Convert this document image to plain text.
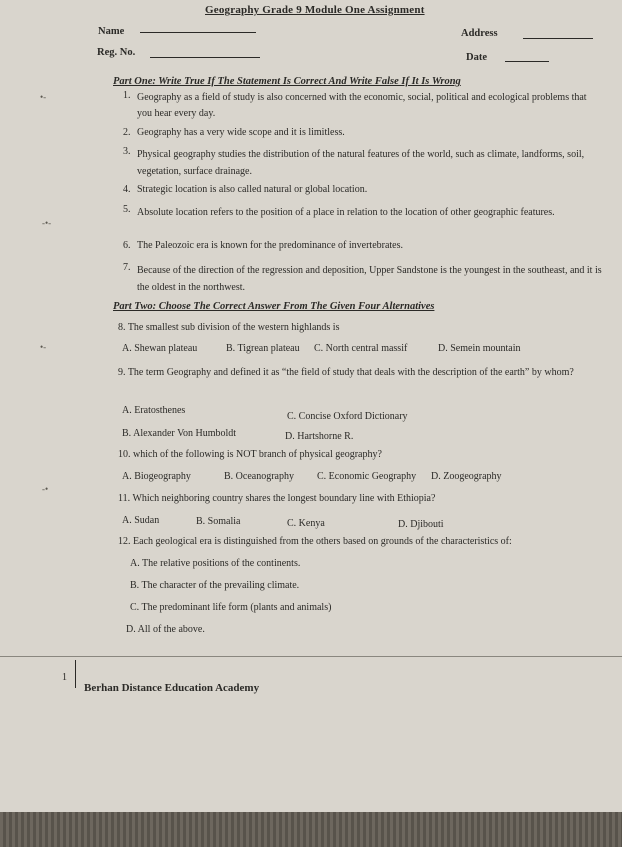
Geography Grade 9 Module One Assignment
Name	Address
Reg. No.	Date
Part One: Write True If The Statement Is Correct And Write False If It Is Wrong
•-
-•-
•-
-•
1. Geography as a field of study is also concerned with the economic, social, political and ecological problems that you hear every day.
2. Geography has a very wide scope and it is limitless.
3. Physical geography studies the distribution of the natural features of the world, such as climate, landforms, soil, vegetation, surface drainage.
4. Strategic location is also called natural or global location.
5. Absolute location refers to the position of a place in relation to the location of other geographic features.
6. The Paleozoic era is known for the predominance of invertebrates.
7. Because of the direction of the regression and deposition, Upper Sandstone is the youngest in the southeast, and it is the oldest in the northwest.
Part Two: Choose The Correct Answer From The Given Four Alternatives
8. The smallest sub division of the western highlands is
A. Shewan plateau	B. Tigrean plateau C. North central massif	D. Semein mountain
9. The term Geography and defined it as “the field of study that deals with the description of the earth” by whom?
A. Eratosthenes
C. Concise Oxford Dictionary
B. Alexander Von Humboldt	D. Hartshorne R.
10. which of the following is NOT branch of physical geography?
A. Biogeography	B. Oceanography C. Economic Geography D. Zoogeography
11. Which neighboring country shares the longest boundary line with Ethiopia?
A. Sudan	B. Somalia	C. Kenya	D. Djibouti
12. Each geological era is distinguished from the others based on grounds of the characteristics of:
A. The relative positions of the continents.
B. The character of the prevailing climate.
C. The predominant life form (plants and animals)
D. All of the above.
1
Berhan Distance Education Academy
